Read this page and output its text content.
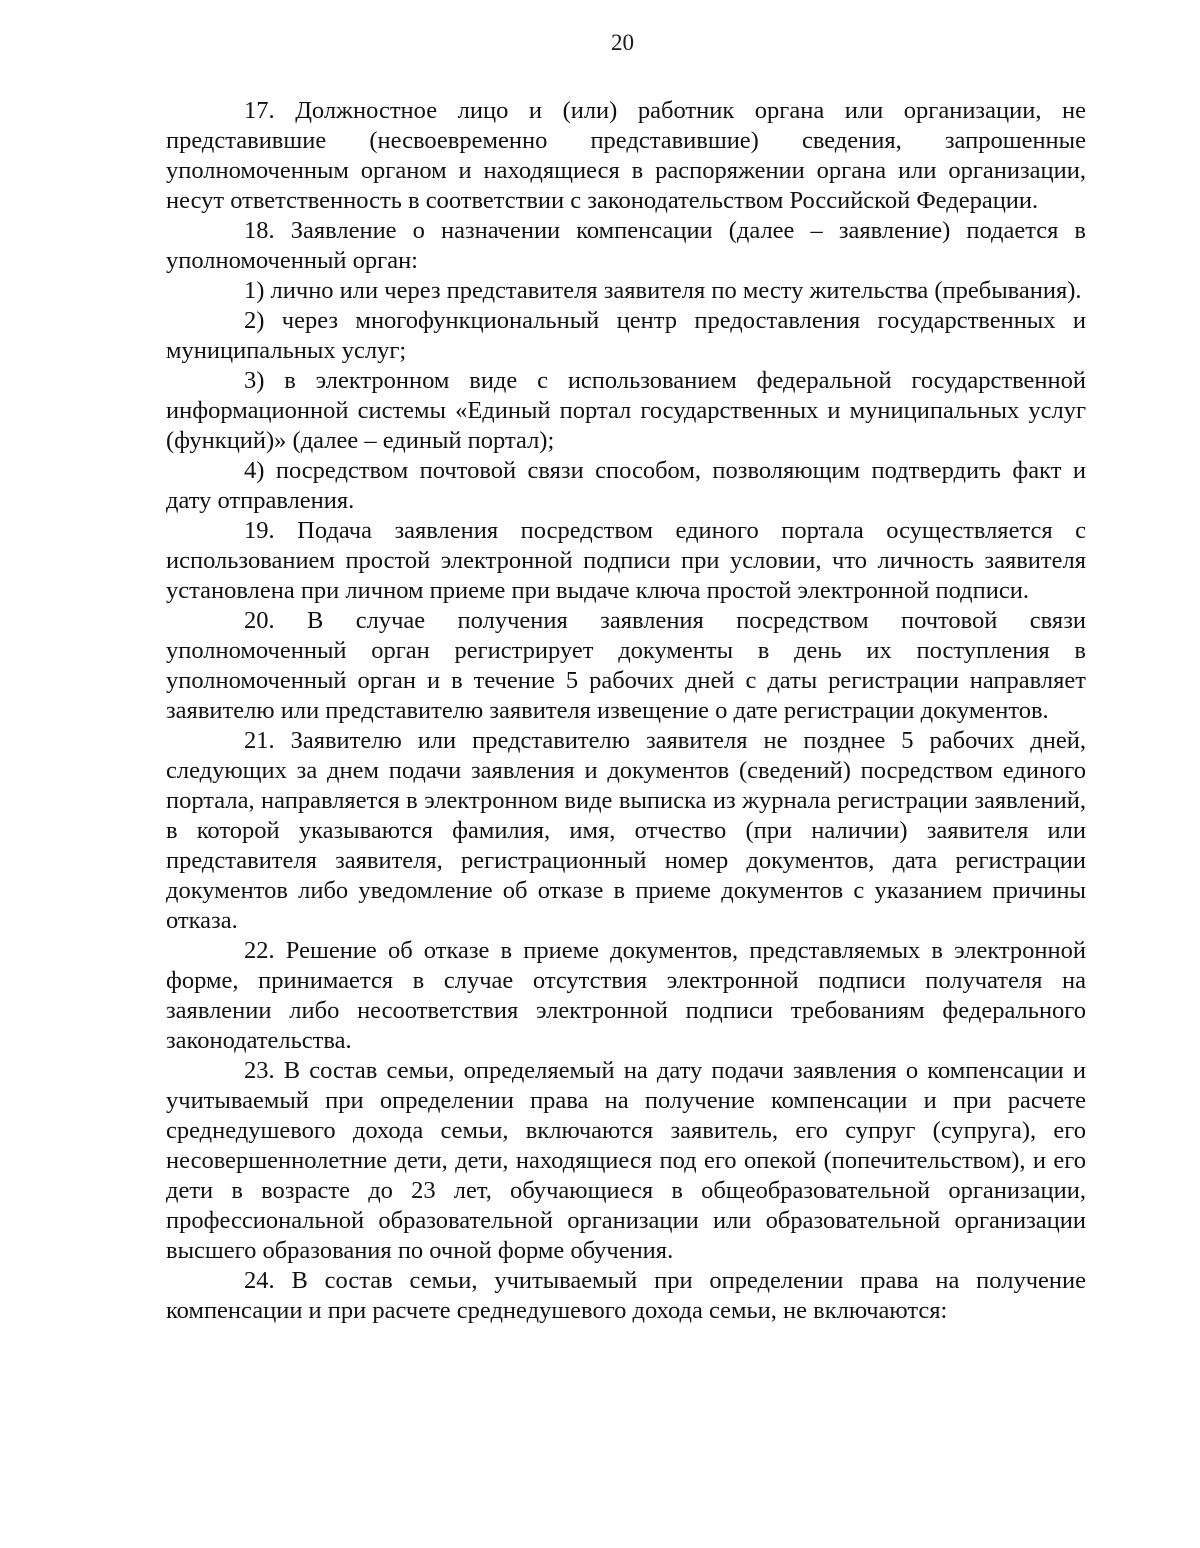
20

17. Должностное лицо и (или) работник органа или организации, не представившие (несвоевременно представившие) сведения, запрошенные уполномоченным органом и находящиеся в распоряжении органа или организации, несут ответственность в соответствии с законодательством Российской Федерации.

18. Заявление о назначении компенсации (далее – заявление) подается в уполномоченный орган:

1) лично или через представителя заявителя по месту жительства (пребывания).

2) через многофункциональный центр предоставления государственных и муниципальных услуг;

3) в электронном виде с использованием федеральной государственной информационной системы «Единый портал государственных и муниципальных услуг (функций)» (далее – единый портал);

4) посредством почтовой связи способом, позволяющим подтвердить факт и дату отправления.

19. Подача заявления посредством единого портала осуществляется с использованием простой электронной подписи при условии, что личность заявителя установлена при личном приеме при выдаче ключа простой электронной подписи.

20. В случае получения заявления посредством почтовой связи уполномоченный орган регистрирует документы в день их поступления в уполномоченный орган и в течение 5 рабочих дней с даты регистрации направляет заявителю или представителю заявителя извещение о дате регистрации документов.

21. Заявителю или представителю заявителя не позднее 5 рабочих дней, следующих за днем подачи заявления и документов (сведений) посредством единого портала, направляется в электронном виде выписка из журнала регистрации заявлений, в которой указываются фамилия, имя, отчество (при наличии) заявителя или представителя заявителя, регистрационный номер документов, дата регистрации документов либо уведомление об отказе в приеме документов с указанием причины отказа.

22. Решение об отказе в приеме документов, представляемых в электронной форме, принимается в случае отсутствия электронной подписи получателя на заявлении либо несоответствия электронной подписи требованиям федерального законодательства.

23. В состав семьи, определяемый на дату подачи заявления о компенсации и учитываемый при определении права на получение компенсации и при расчете среднедушевого дохода семьи, включаются заявитель, его супруг (супруга), его несовершеннолетние дети, дети, находящиеся под его опекой (попечительством), и его дети в возрасте до 23 лет, обучающиеся в общеобразовательной организации, профессиональной образовательной организации или образовательной организации высшего образования по очной форме обучения.

24. В состав семьи, учитываемый при определении права на получение компенсации и при расчете среднедушевого дохода семьи, не включаются:
